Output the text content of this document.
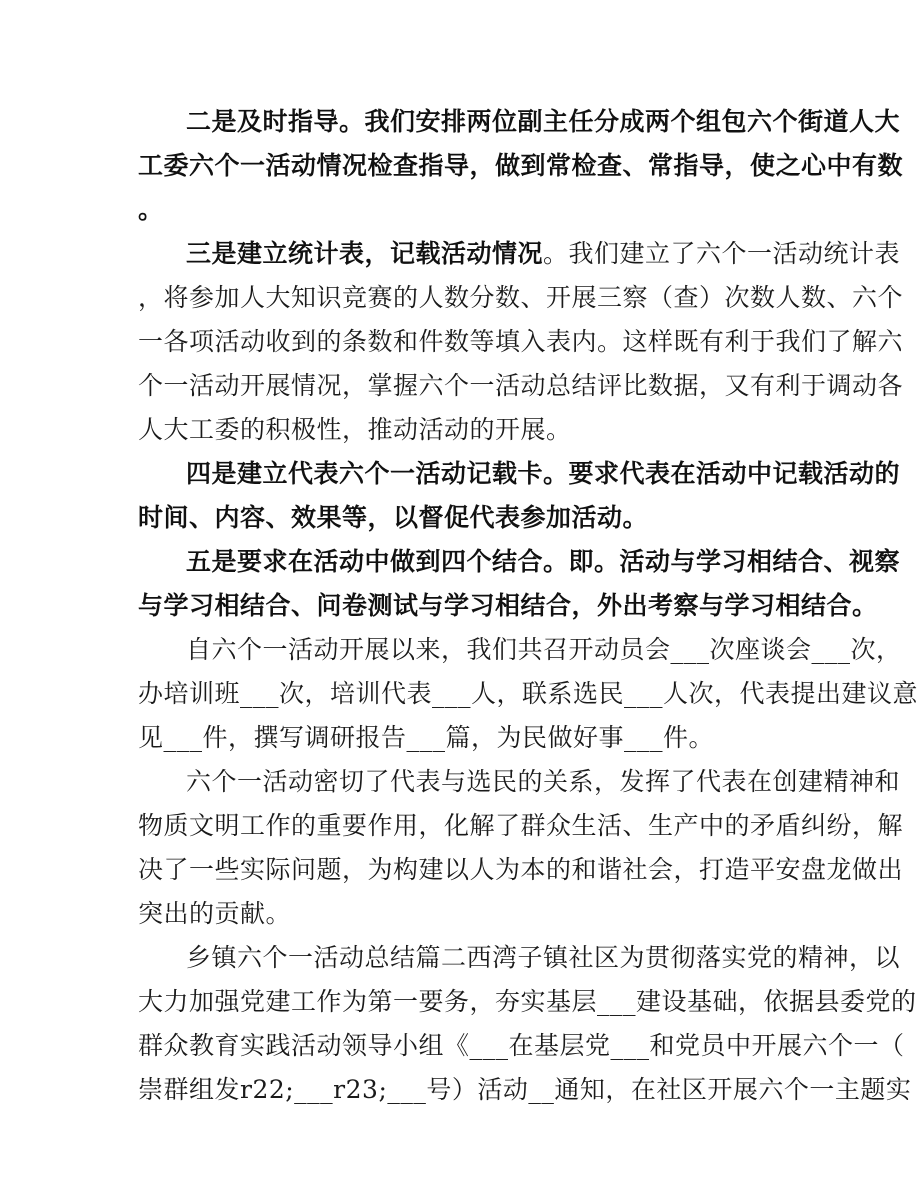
二是及时指导。我们安排两位副主任分成两个组包六个街道人大
工委六个一活动情况检查指导，做到常检查、常指导，使之心中有数
。
三是建立统计表，记载活动情况。我们建立了六个一活动统计表
，将参加人大知识竞赛的人数分数、开展三察（查）次数人数、六个
一各项活动收到的条数和件数等填入表内。这样既有利于我们了解六
个一活动开展情况，掌握六个一活动总结评比数据，又有利于调动各
人大工委的积极性，推动活动的开展。
四是建立代表六个一活动记载卡。要求代表在活动中记载活动的
时间、内容、效果等，以督促代表参加活动。
五是要求在活动中做到四个结合。即。活动与学习相结合、视察
与学习相结合、问卷测试与学习相结合，外出考察与学习相结合。
自六个一活动开展以来，我们共召开动员会___次座谈会___次，
办培训班___次，培训代表___人，联系选民___人次，代表提出建议意
见___件，撰写调研报告___篇，为民做好事___件。
六个一活动密切了代表与选民的关系，发挥了代表在创建精神和
物质文明工作的重要作用，化解了群众生活、生产中的矛盾纠纷，解
决了一些实际问题，为构建以人为本的和谐社会，打造平安盘龙做出
突出的贡献。
乡镇六个一活动总结篇二西湾子镇社区为贯彻落实党的精神，以
大力加强党建工作为第一要务，夯实基层___建设基础，依据县委党的
群众教育实践活动领导小组《___在基层党___和党员中开展六个一（
崇群组发r22;___r23;___号）活动__通知，在社区开展六个一主题实
